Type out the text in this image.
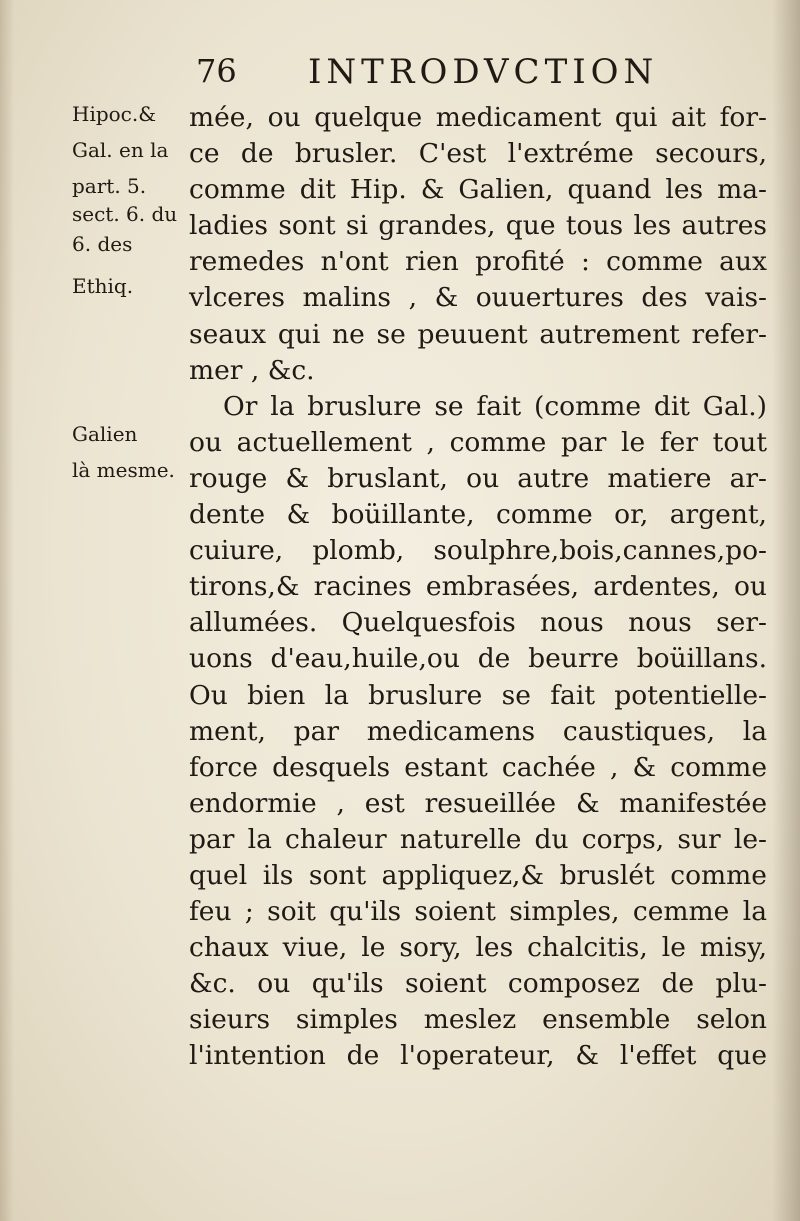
76 INTRODVCTION
Hipoc.&
Gal. en la
part. 5.
sect. 6. du
6. des
Ethiq.
Galien
là mesme.
mée, ou quelque medicament qui ait for-
ce de brusler. C'est l'extréme secours,
comme dit Hip. & Galien, quand les ma-
ladies sont si grandes, que tous les autres
remedes n'ont rien profité : comme aux
vlceres malins , & ouuertures des vais-
seaux qui ne se peuuent autrement refer-
mer , &c.
Or la bruslure se fait (comme dit Gal.)
ou actuellement , comme par le fer tout
rouge & bruslant, ou autre matiere ar-
dente & boüillante, comme or, argent,
cuiure, plomb, soulphre,bois,cannes,po-
tirons,& racines embrasées, ardentes, ou
allumées. Quelquesfois nous nous ser-
uons d'eau,huile,ou de beurre boüillans.
Ou bien la bruslure se fait potentielle-
ment, par medicamens caustiques, la
force desquels estant cachée , & comme
endormie , est resueillée & manifestée
par la chaleur naturelle du corps, sur le-
quel ils sont appliquez,& bruslét comme
feu ; soit qu'ils soient simples, cemme la
chaux viue, le sory, les chalcitis, le misy,
&c. ou qu'ils soient composez de plu-
sieurs simples meslez ensemble selon
l'intention de l'operateur, & l'effet que
